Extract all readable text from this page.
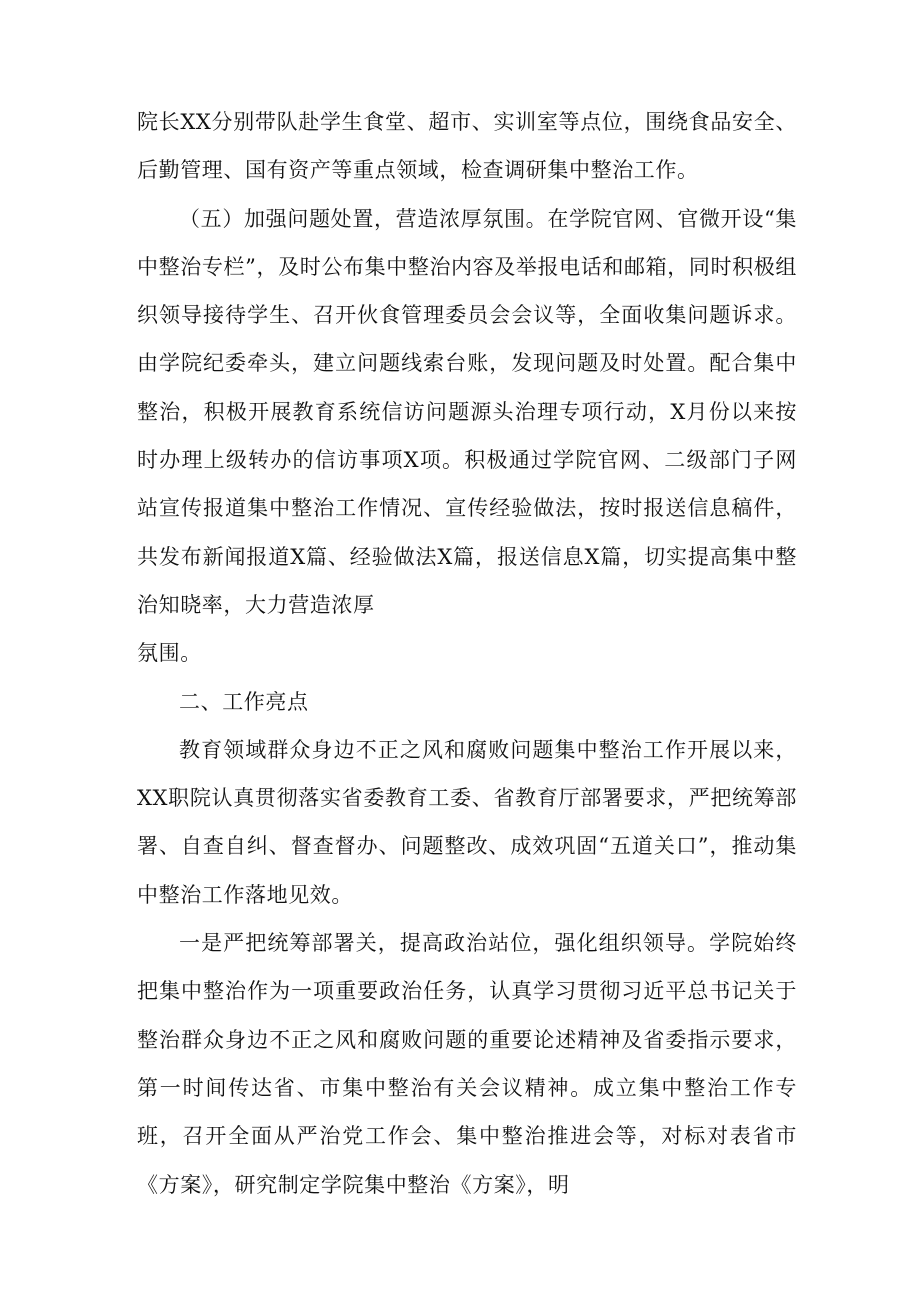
院长XX分别带队赴学生食堂、超市、实训室等点位，围绕食品安全、后勤管理、国有资产等重点领域，检查调研集中整治工作。

（五）加强问题处置，营造浓厚氛围。在学院官网、官微开设“集中整治专栏”，及时公布集中整治内容及举报电话和邮箱，同时积极组织领导接待学生、召开伙食管理委员会会议等，全面收集问题诉求。由学院纪委牵头，建立问题线索台账，发现问题及时处置。配合集中整治，积极开展教育系统信访问题源头治理专项行动，X月份以来按时办理上级转办的信访事项X项。积极通过学院官网、二级部门子网站宣传报道集中整治工作情况、宣传经验做法，按时报送信息稿件，共发布新闻报道X篇、经验做法X篇，报送信息X篇，切实提高集中整治知晓率，大力营造浓厚
氛围。

二、工作亮点

教育领域群众身边不正之风和腐败问题集中整治工作开展以来，XX职院认真贯彻落实省委教育工委、省教育厅部署要求，严把统筹部署、自查自纠、督查督办、问题整改、成效巩固“五道关口”，推动集中整治工作落地见效。

一是严把统筹部署关，提高政治站位，强化组织领导。学院始终把集中整治作为一项重要政治任务，认真学习贯彻习近平总书记关于整治群众身边不正之风和腐败问题的重要论述精神及省委指示要求，第一时间传达省、市集中整治有关会议精神。成立集中整治工作专班，召开全面从严治党工作会、集中整治推进会等，对标对表省市《方案》，研究制定学院集中整治《方案》，明
